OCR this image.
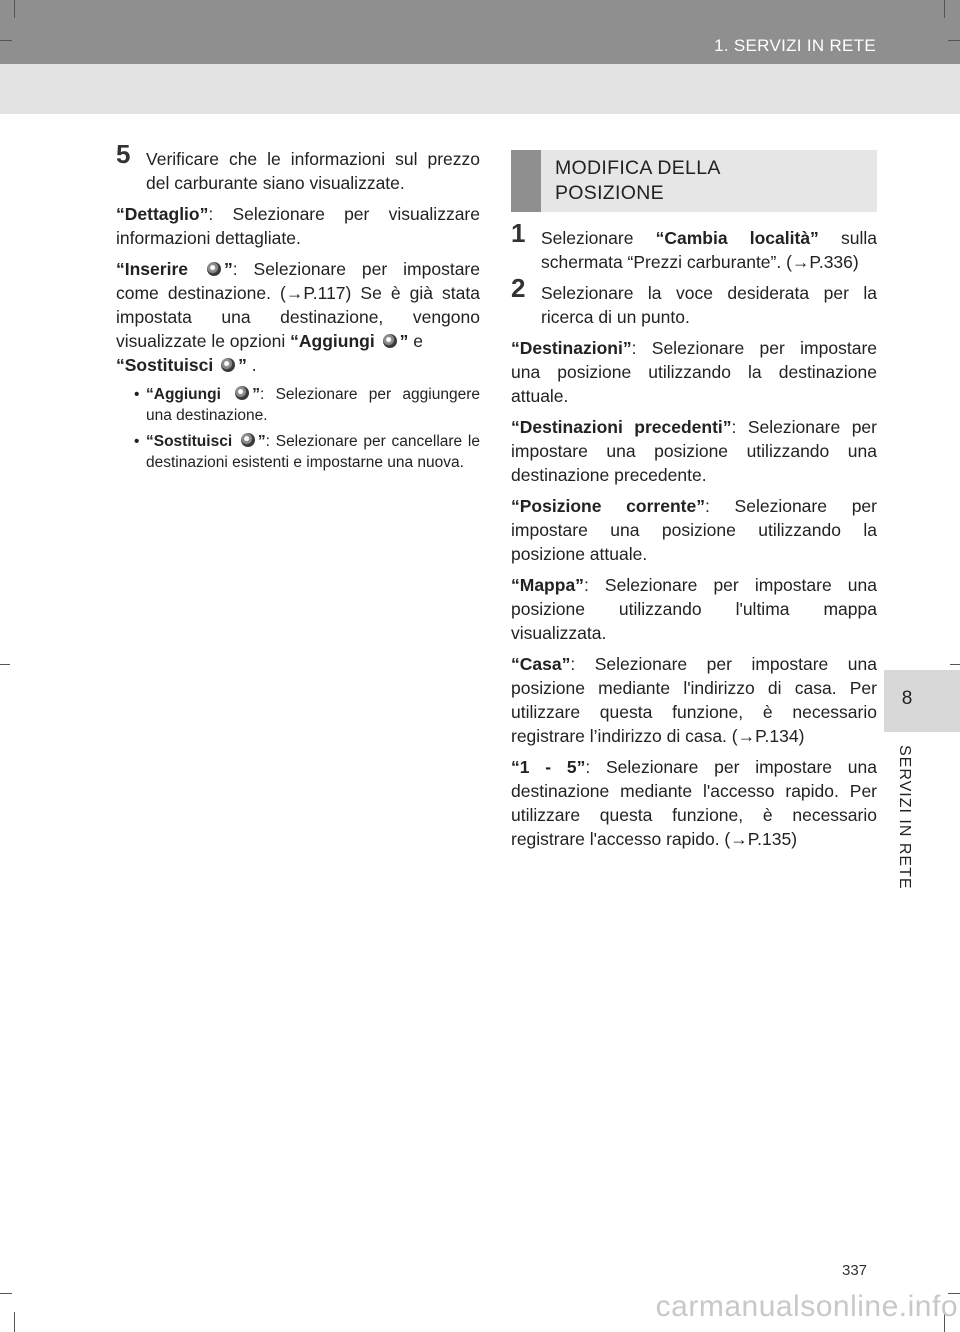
1. SERVIZI IN RETE
8
SERVIZI IN RETE
5 Verificare che le informazioni sul prezzo del carburante siano visualizzate.

“Dettaglio”: Selezionare per visualizzare informazioni dettagliate.

“Inserire ”: Selezionare per impostare come destinazione. (→P.117) Se è già stata impostata una destinazione, vengono visualizzate le opzioni “Aggiungi ” e
“Sostituisci ” .

• “Aggiungi ”: Selezionare per aggiungere una destinazione.
• “Sostituisci ”: Selezionare per cancellare le destinazioni esistenti e impostarne una nuova.
MODIFICA DELLA
POSIZIONE
1 Selezionare “Cambia località” sulla schermata “Prezzi carburante”. (→P.336)
2 Selezionare la voce desiderata per la ricerca di un punto.

“Destinazioni”: Selezionare per impostare una posizione utilizzando la destinazione attuale.

“Destinazioni precedenti”: Selezionare per impostare una posizione utilizzando una destinazione precedente.

“Posizione corrente”: Selezionare per impostare una posizione utilizzando la posizione attuale.

“Mappa”: Selezionare per impostare una posizione utilizzando l'ultima mappa visualizzata.

“Casa”: Selezionare per impostare una posizione mediante l'indirizzo di casa. Per utilizzare questa funzione, è necessario registrare l’indirizzo di casa. (→P.134)

“1 - 5”: Selezionare per impostare una destinazione mediante l'accesso rapido. Per utilizzare questa funzione, è necessario registrare l'accesso rapido. (→P.135)

337
carmanualsonline.info
